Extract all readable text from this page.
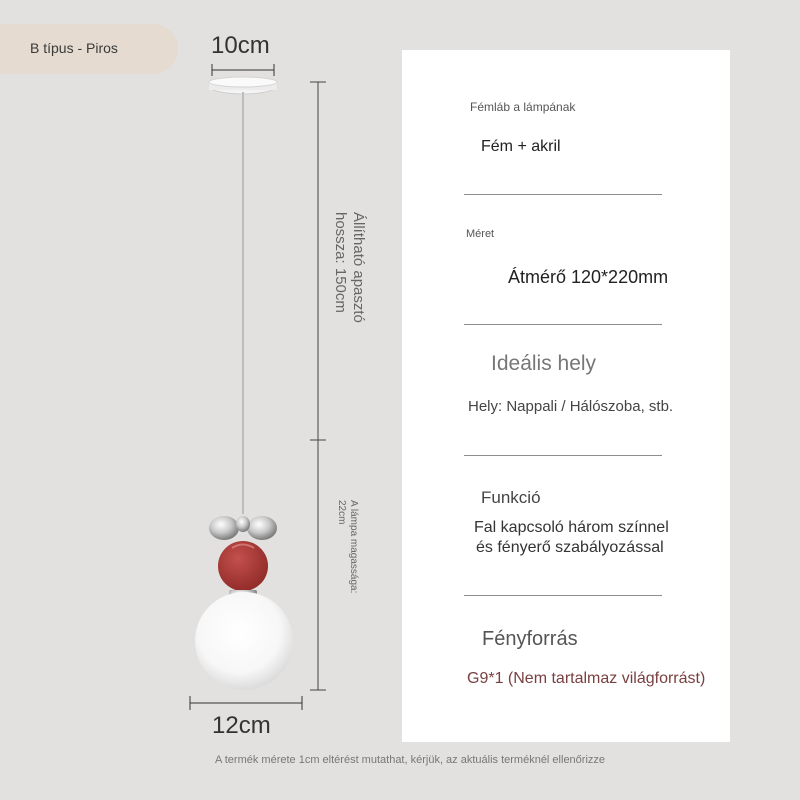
B típus - Piros	10cm
12cm
Állítható apasztó hossza: 150cm
A lámpa magassága: 22cm
Fémláb a lámpának
Fém + akril
Méret
Átmérő 120*220mm
Ideális hely
Hely: Nappali / Hálószoba, stb.
Funkció
Fal kapcsoló három színnel
és fényerő szabályozással
Fényforrás
G9*1 (Nem tartalmaz világforrást)
A termék mérete 1cm eltérést mutathat, kérjük, az aktuális terméknél ellenőrizze
